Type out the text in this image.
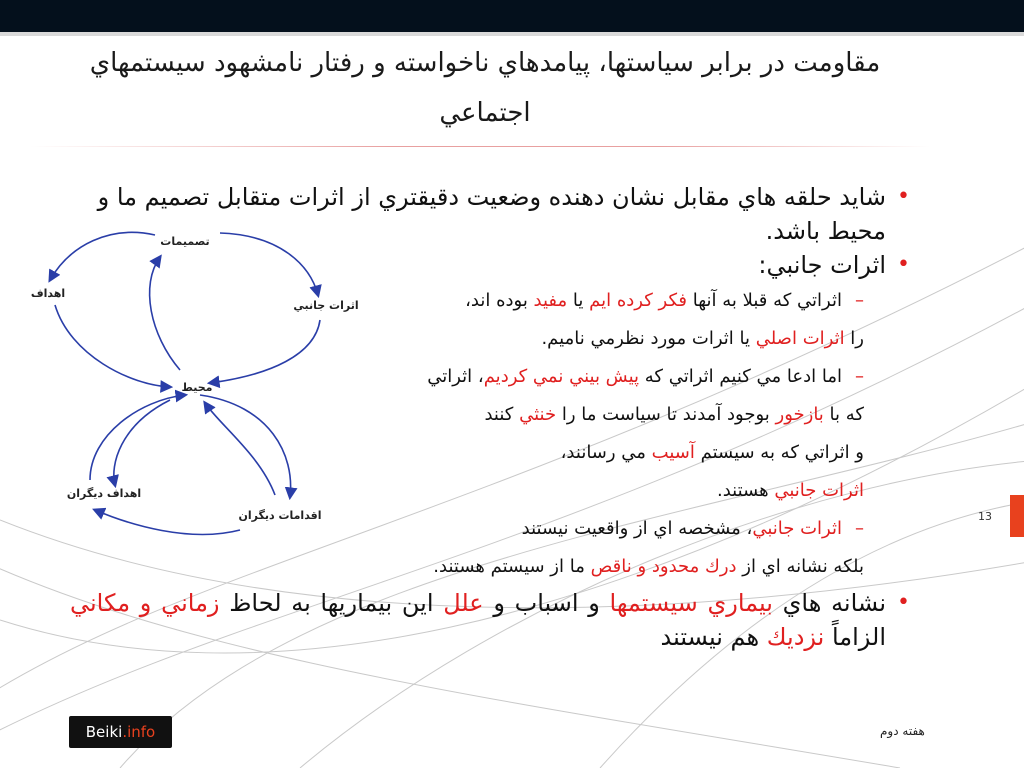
مقاومت در برابر سياستها، پيامدهاي ناخواسته و رفتار نامشهود سيستمهاي
اجتماعي
•
شايد حلقه هاي مقابل نشان دهنده وضعيت دقيقتري از اثرات متقابل تصميم ما و محيط باشد.
•
اثرات جانبي:
–
اثراتي كه قبلا به آنها فكر كرده ايم يا مفيد بوده اند،
را اثرات اصلي يا اثرات مورد نظرمي ناميم.
–
اما ادعا مي كنيم اثراتي كه پيش بيني نمي كرديم، اثراتي
كه با بازخور بوجود آمدند تا سياست ما را خنثي كنند
و اثراتي كه به سيستم آسيب مي رسانند،
اثرات جانبي هستند.
–
اثرات جانبي، مشخصه اي از واقعيت نيستند
بلكه نشانه اي از درك محدود و ناقص ما از سيستم هستند.
•
نشانه هاي بيماري سيستمها و اسباب و علل اين بيماريها به لحاظ زماني و مكاني الزاماً نزديك هم نيستند
تصميمات
اهداف
اثرات جانبي
محيط
اهداف ديگران
اقدامات ديگران	13
هفته دوم
Beiki.info
